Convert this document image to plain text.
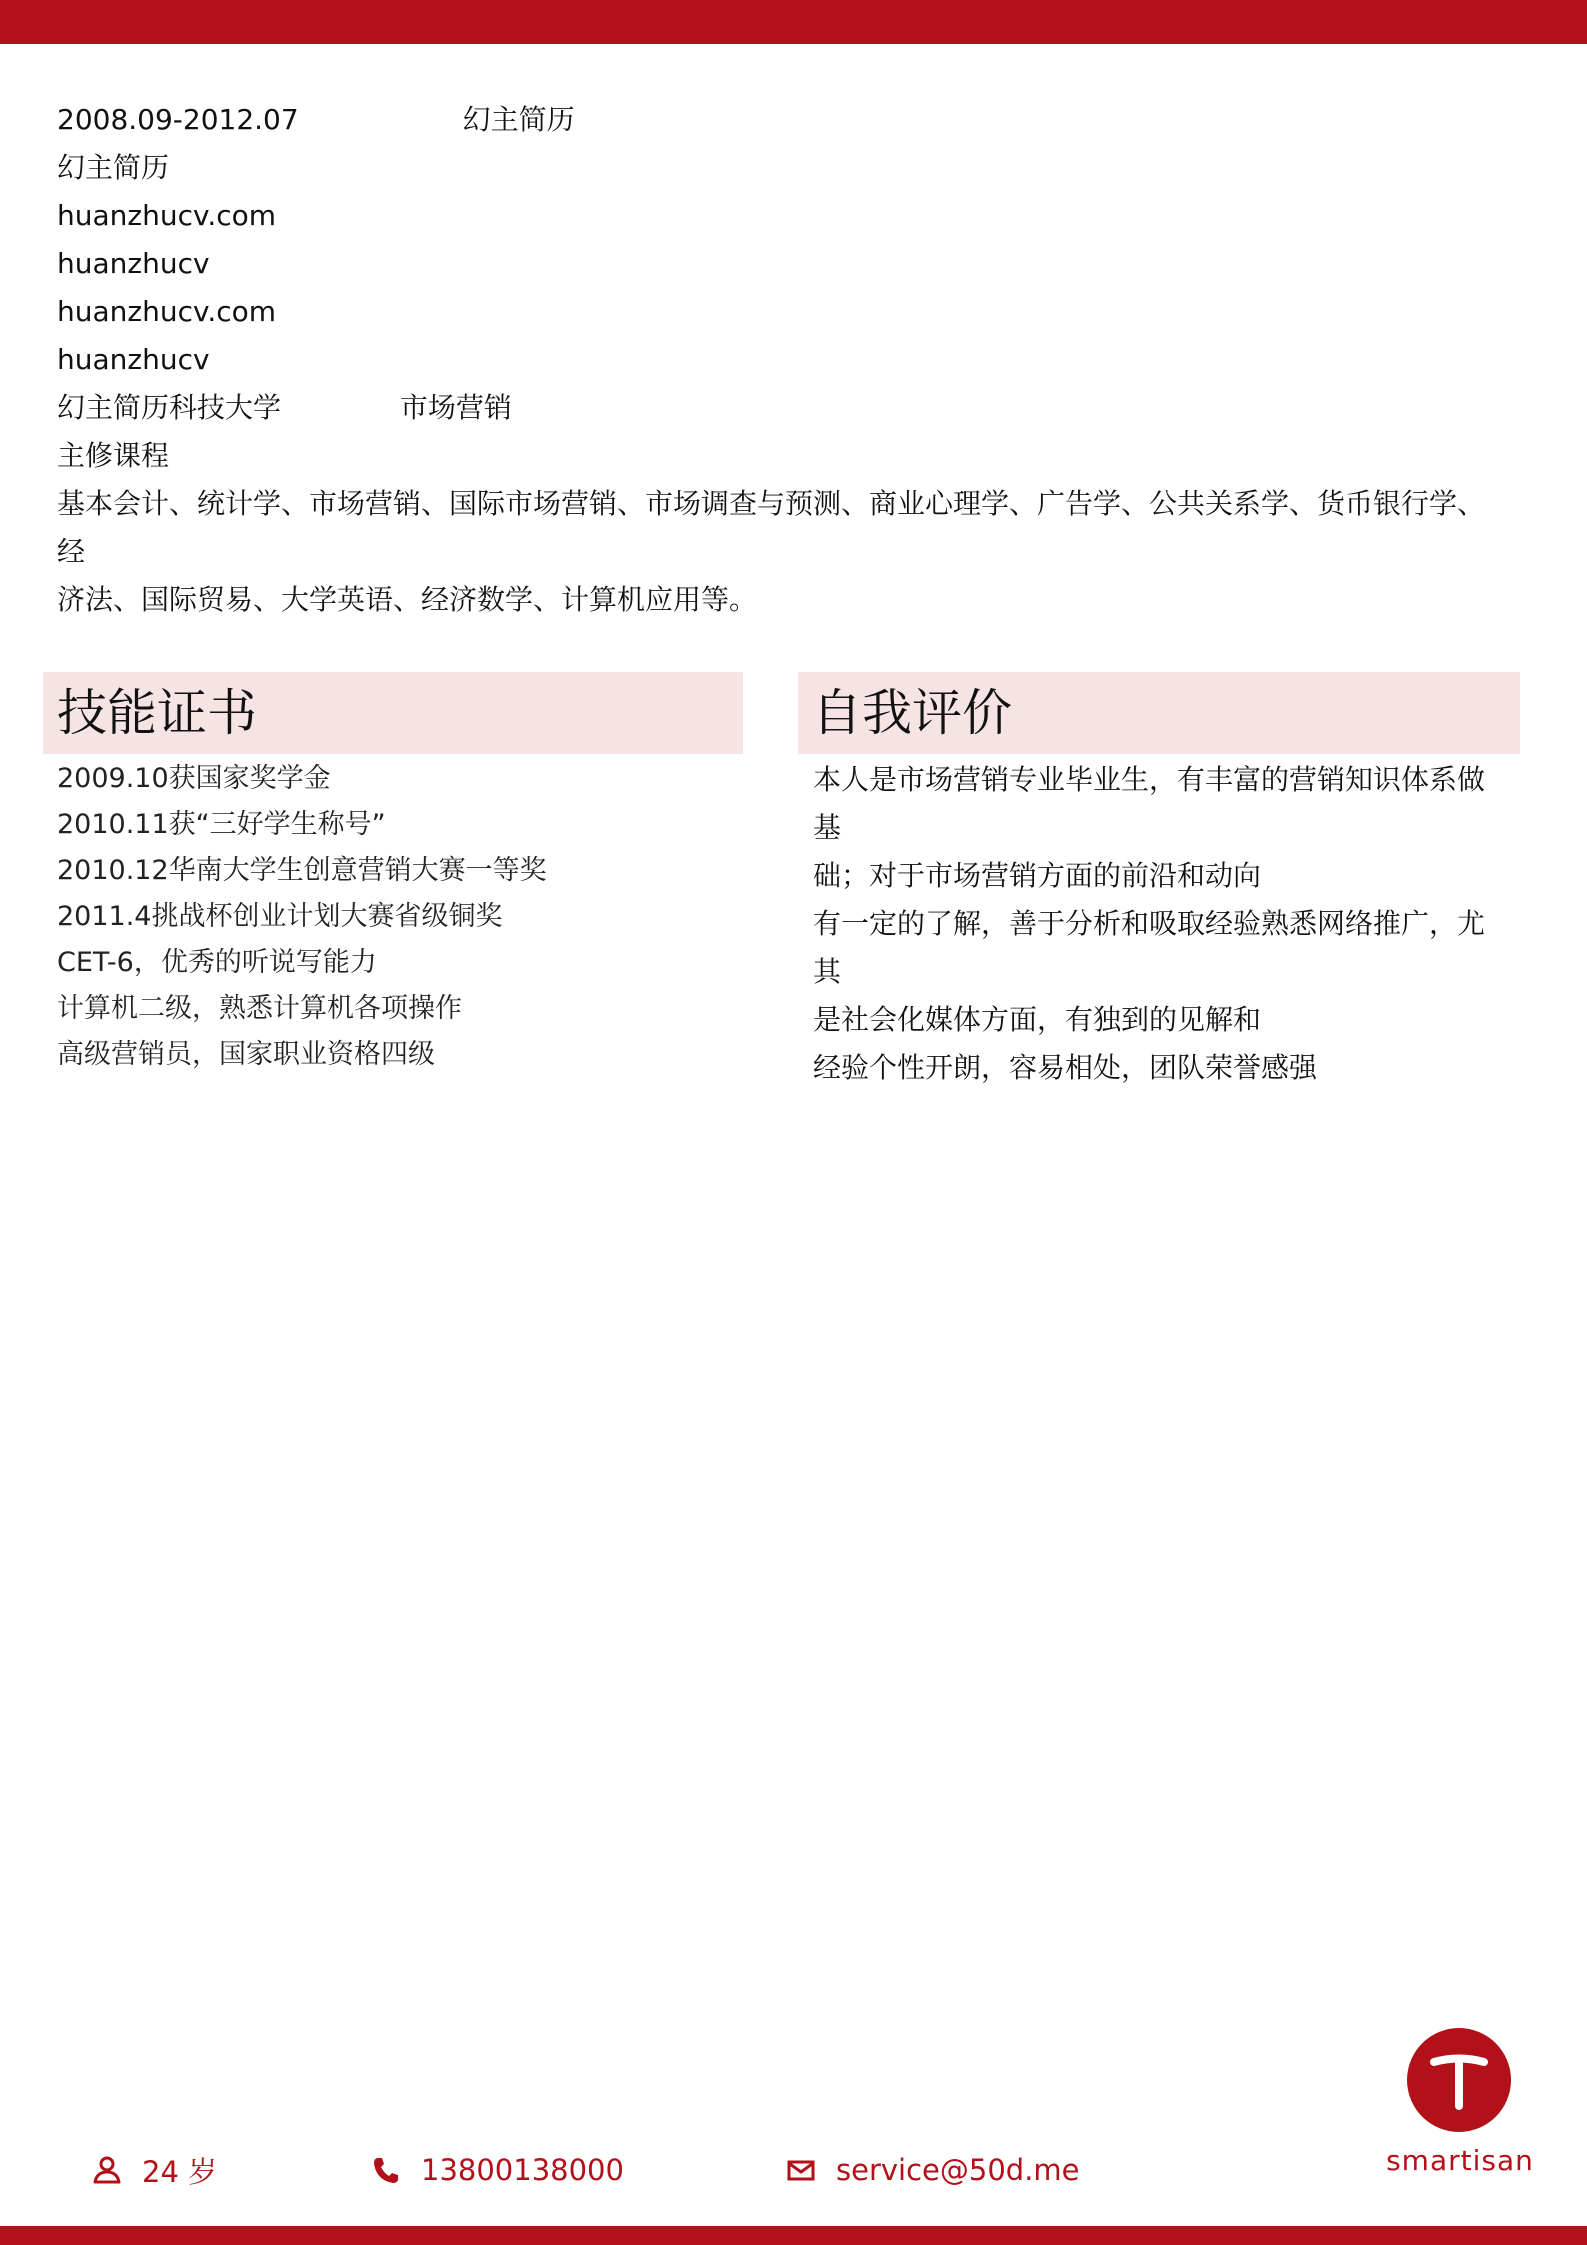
2008.09-2012.07	幻主简历
幻主简历
huanzhucv.com
huanzhucv
huanzhucv.com
huanzhucv
幻主简历科技大学	市场营销
主修课程
基本会计、统计学、市场营销、国际市场营销、市场调查与预测、商业心理学、广告学、公共关系学、货币银行学、经
济法、国际贸易、大学英语、经济数学、计算机应用等。
技能证书
2009.10获国家奖学金
2010.11获“三好学生称号”
2010.12华南大学生创意营销大赛一等奖
2011.4挑战杯创业计划大赛省级铜奖
CET-6，优秀的听说写能力
计算机二级，熟悉计算机各项操作
高级营销员，国家职业资格四级
自我评价
本人是市场营销专业毕业生，有丰富的营销知识体系做基
础；对于市场营销方面的前沿和动向
有一定的了解，善于分析和吸取经验熟悉网络推广，尤其
是社会化媒体方面，有独到的见解和
经验个性开朗，容易相处，团队荣誉感强
smartisan
24 岁	13800138000	service@50d.me
